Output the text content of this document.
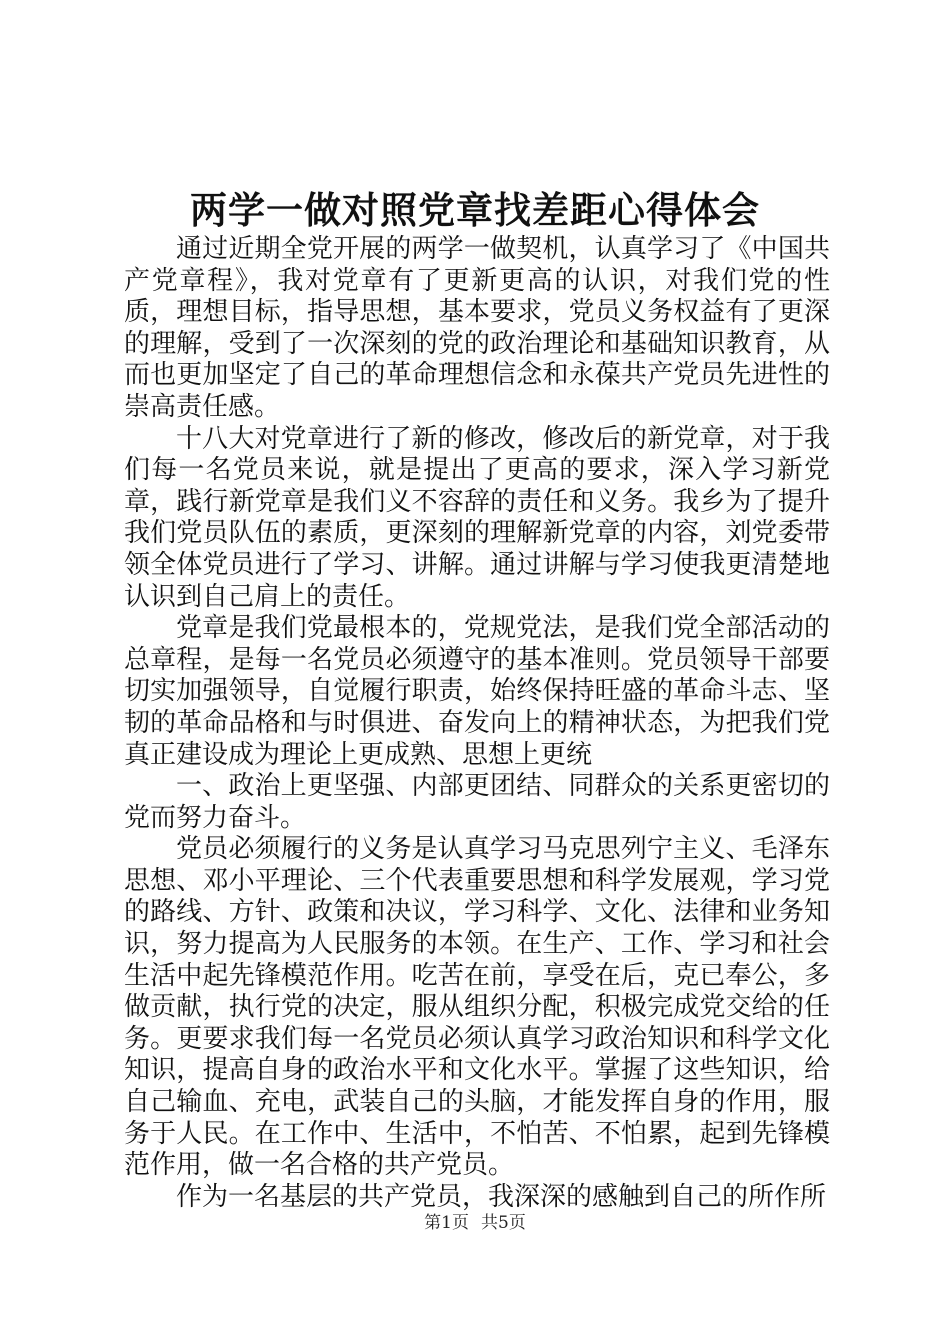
两学一做对照党章找差距心得体会

通过近期全党开展的两学一做契机，认真学习了《中国共产党章程》，我对党章有了更新更高的认识，对我们党的性质，理想目标，指导思想，基本要求，党员义务权益有了更深的理解，受到了一次深刻的党的政治理论和基础知识教育，从而也更加坚定了自己的革命理想信念和永葆共产党员先进性的崇高责任感。

十八大对党章进行了新的修改，修改后的新党章，对于我们每一名党员来说，就是提出了更高的要求，深入学习新党章，践行新党章是我们义不容辞的责任和义务。我乡为了提升我们党员队伍的素质，更深刻的理解新党章的内容，刘党委带领全体党员进行了学习、讲解。通过讲解与学习使我更清楚地认识到自己肩上的责任。

党章是我们党最根本的，党规党法，是我们党全部活动的总章程，是每一名党员必须遵守的基本准则。党员领导干部要切实加强领导，自觉履行职责，始终保持旺盛的革命斗志、坚韧的革命品格和与时俱进、奋发向上的精神状态，为把我们党真正建设成为理论上更成熟、思想上更统

一、政治上更坚强、内部更团结、同群众的关系更密切的党而努力奋斗。

党员必须履行的义务是认真学习马克思列宁主义、毛泽东思想、邓小平理论、三个代表重要思想和科学发展观，学习党的路线、方针、政策和决议，学习科学、文化、法律和业务知识，努力提高为人民服务的本领。在生产、工作、学习和社会生活中起先锋模范作用。吃苦在前，享受在后，克已奉公，多做贡献，执行党的决定，服从组织分配，积极完成党交给的任务。更要求我们每一名党员必须认真学习政治知识和科学文化知识，提高自身的政治水平和文化水平。掌握了这些知识，给自己输血、充电，武装自己的头脑，才能发挥自身的作用，服务于人民。在工作中、生活中，不怕苦、不怕累，起到先锋模范作用，做一名合格的共产党员。

作为一名基层的共产党员，我深深的感触到自己的所作所

第1页 共5页
